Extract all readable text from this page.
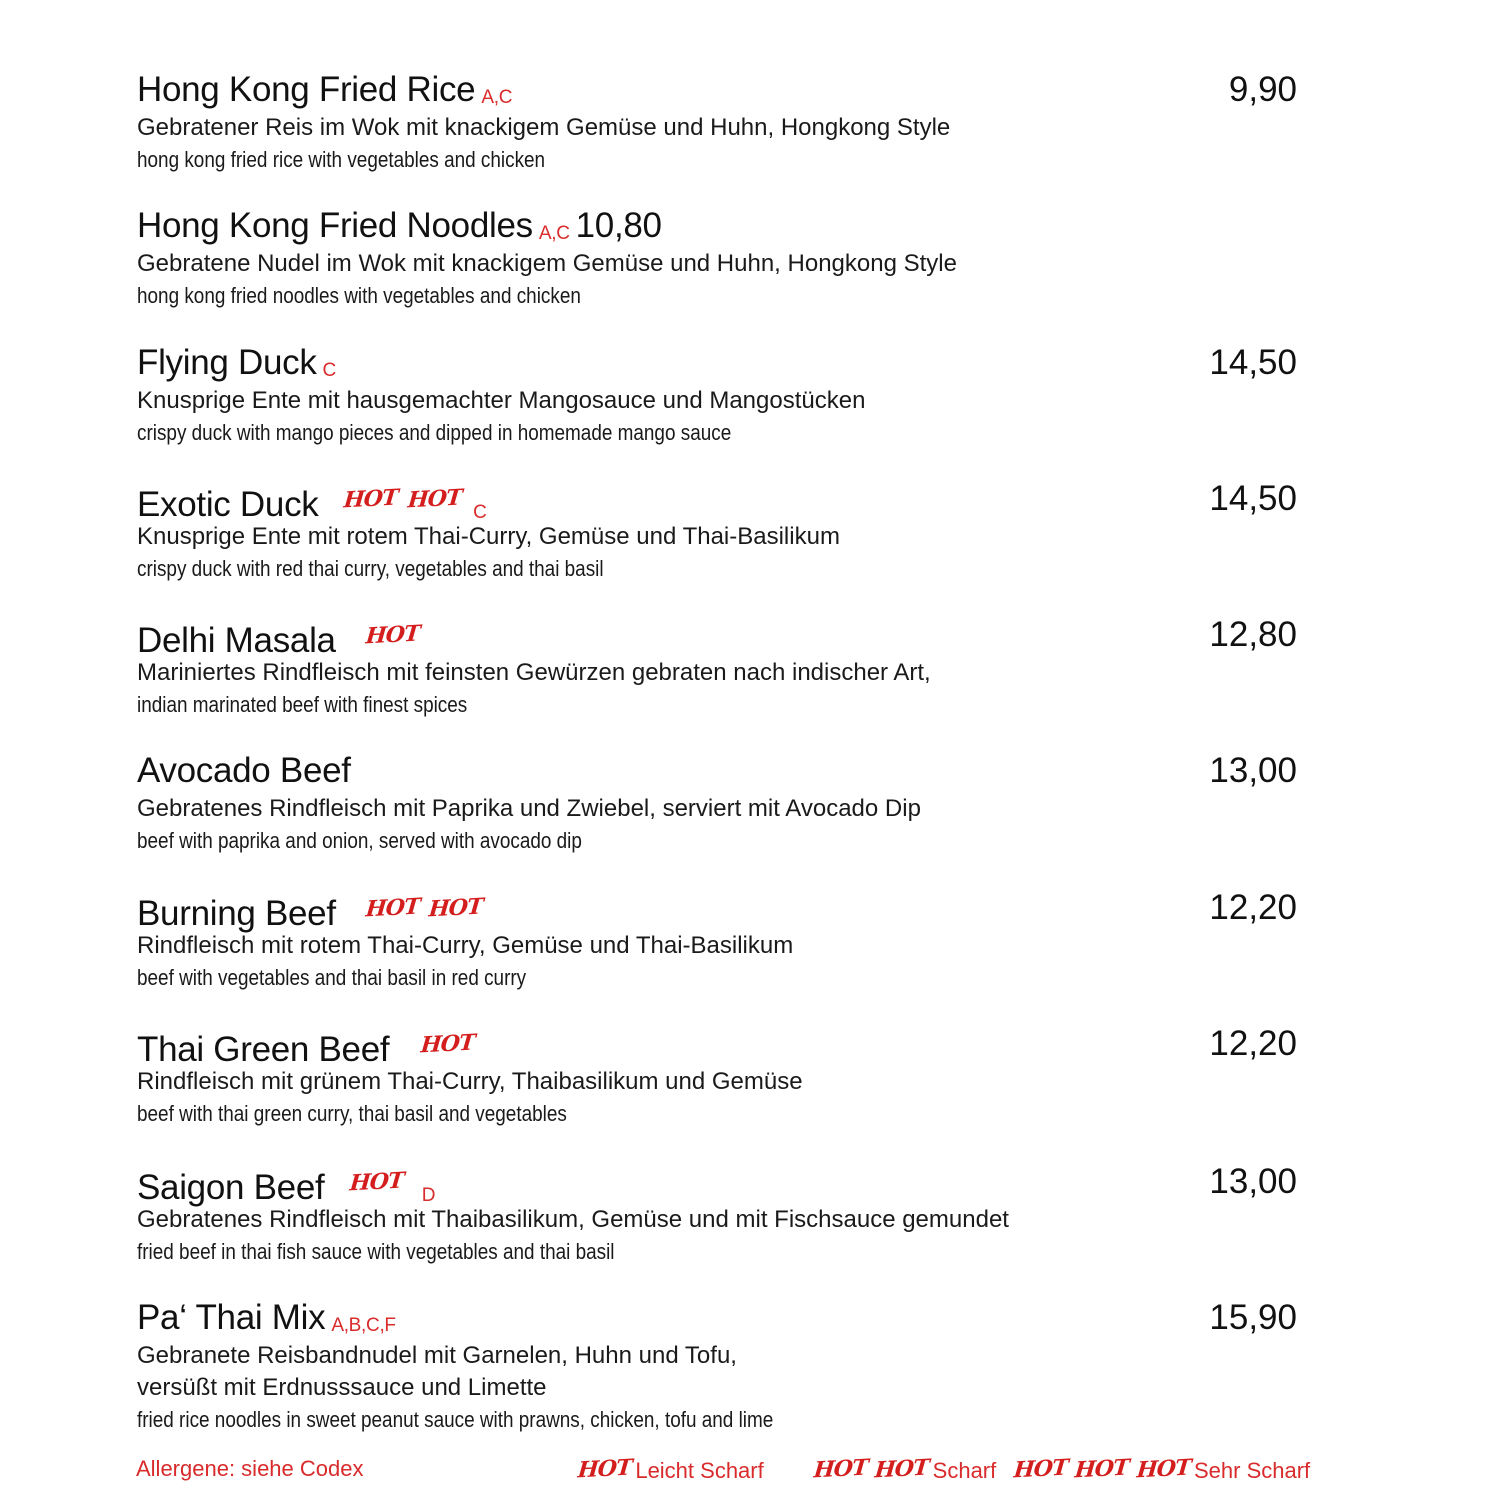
Hong Kong Fried Rice A,C	9,90
Gebratener Reis im Wok mit knackigem Gemüse und Huhn, Hongkong Style
hong kong fried rice with vegetables and chicken
Hong Kong Fried Noodles A,C 10,80
Gebratene Nudel im Wok mit knackigem Gemüse und Huhn, Hongkong Style
hong kong fried noodles with vegetables and chicken
Flying Duck C	14,50
Knusprige Ente mit hausgemachter Mangosauce und Mangostücken
crispy duck with mango pieces and dipped in homemade mango sauce
Exotic Duck HOT HOT C	14,50
Knusprige Ente mit rotem Thai-Curry, Gemüse und Thai-Basilikum
crispy duck with red thai curry, vegetables and thai basil
Delhi Masala HOT	12,80
Mariniertes Rindfleisch mit feinsten Gewürzen gebraten nach indischer Art,
indian marinated beef with finest spices
Avocado Beef	13,00
Gebratenes Rindfleisch mit Paprika und Zwiebel, serviert mit Avocado Dip
beef with paprika and onion, served with avocado dip
Burning Beef HOT HOT	12,20
Rindfleisch mit rotem Thai-Curry, Gemüse und Thai-Basilikum
beef with vegetables and thai basil in red curry
Thai Green Beef HOT	12,20
Rindfleisch mit grünem Thai-Curry, Thaibasilikum und Gemüse
beef with thai green curry, thai basil and vegetables
Saigon Beef HOT D	13,00
Gebratenes Rindfleisch mit Thaibasilikum, Gemüse und mit Fischsauce gemundet
fried beef in thai fish sauce with vegetables and thai basil
Pa‘ Thai Mix A,B,C,F	15,90
Gebranete Reisbandnudel mit Garnelen, Huhn und Tofu,
versüßt mit Erdnusssauce und Limette
fried rice noodles in sweet peanut sauce with prawns, chicken, tofu and lime
Allergene: siehe Codex	HOT Leicht Scharf HOT HOT Scharf HOT HOT HOT Sehr Scharf
